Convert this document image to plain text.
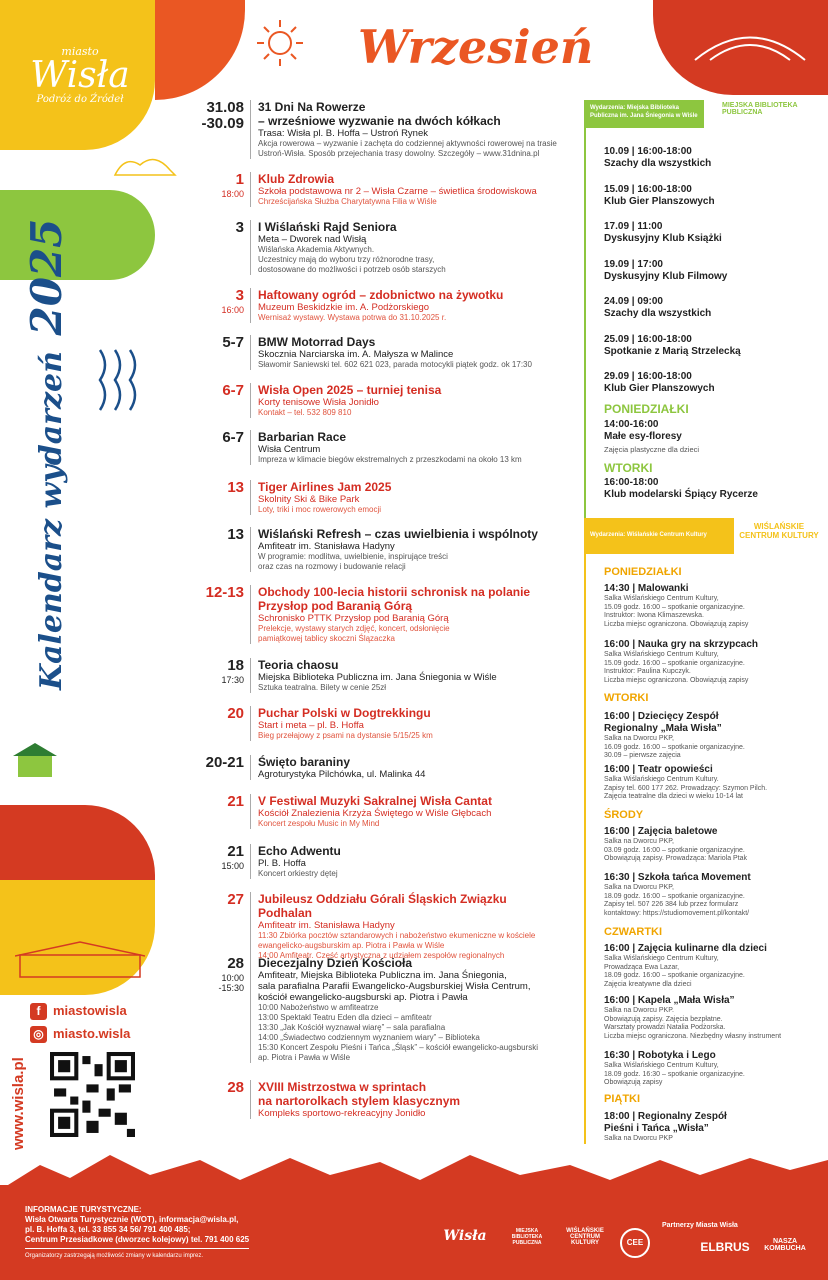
miasto
Wisła
Podróż do Źródeł
Wrzesień
Kalendarz wydarzeń 2025
31.08
-30.09
31 Dni Na Rowerze
– wrześniowe wyzwanie na dwóch kółkach
Trasa: Wisła pl. B. Hoffa – Ustroń Rynek
Akcja rowerowa – wyzwanie i zachęta do codziennej aktywności rowerowej na trasie Ustroń-Wisła. Sposób przejechania trasy dowolny. Szczegóły – www.31dnina.pl
1
18:00
Klub Zdrowia
Szkoła podstawowa nr 2 – Wisła Czarne – świetlica środowiskowa
Chrześcijańska Służba Charytatywna Filia w Wiśle
3 I Wiślański Rajd Seniora
Meta – Dworek nad Wisłą
Wiślańska Akademia Aktywnych.
Uczestnicy mają do wyboru trzy różnorodne trasy,
dostosowane do możliwości i potrzeb osób starszych
3
16:00
Haftowany ogród – zdobnictwo na żywotku
Muzeum Beskidzkie im. A. Podżorskiego
Wernisaż wystawy. Wystawa potrwa do 31.10.2025 r.
5-7 BMW Motorrad Days
Skocznia Narciarska im. A. Małysza w Malince
Sławomir Saniewski tel. 602 621 023, parada motocykli piątek godz. ok 17:30
6-7 Wisła Open 2025 – turniej tenisa
Korty tenisowe Wisła Jonidło
Kontakt – tel. 532 809 810
6-7 Barbarian Race
Wisła Centrum
Impreza w klimacie biegów ekstremalnych z przeszkodami na około 13 km
13 Tiger Airlines Jam 2025
Skolnity Ski & Bike Park
Loty, triki i moc rowerowych emocji
13 Wiślański Refresh – czas uwielbienia i wspólnoty
Amfiteatr im. Stanisława Hadyny
W programie: modlitwa, uwielbienie, inspirujące treści
oraz czas na rozmowy i budowanie relacji
12-13 Obchody 100-lecia historii schronisk na polanie
Przysłop pod Baranią Górą
Schronisko PTTK Przysłop pod Baranią Górą
Prelekcje, wystawy starych zdjęć, koncert, odsłonięcie
pamiątkowej tablicy skoczni Ślązaczka
18
17:30
Teoria chaosu
Miejska Biblioteka Publiczna im. Jana Śniegonia w Wiśle
Sztuka teatralna. Bilety w cenie 25zł
20 Puchar Polski w Dogtrekkingu
Start i meta – pl. B. Hoffa
Bieg przełajowy z psami na dystansie 5/15/25 km
20-21 Święto baraniny
Agroturystyka Pilchówka, ul. Malinka 44
21 V Festiwal Muzyki Sakralnej Wisła Cantat
Kościół Znalezienia Krzyża Świętego w Wiśle Głębcach
Koncert zespołu Music in My Mind
21
15:00
Echo Adwentu
Pl. B. Hoffa
Koncert orkiestry dętej
27 Jubileusz Oddziału Górali Śląskich Związku Podhalan
Amfiteatr im. Stanisława Hadyny
11:30 Zbiórka pocztów sztandarowych i nabożeństwo ekumeniczne w kościele
ewangelicko-augsburskim ap. Piotra i Pawła w Wiśle
14:00 Amfiteatr. Część artystyczna z udziałem zespołów regionalnych
28
10:00
-15:30
Diecezjalny Dzień Kościoła
Amfiteatr, Miejska Biblioteka Publiczna im. Jana Śniegonia,
sala parafialna Parafii Ewangelicko-Augsburskiej Wisła Centrum,
kościół ewangelicko-augsburski ap. Piotra i Pawła
10:00 Nabożeństwo w amfiteatrze
13:00 Spektakl Teatru Eden dla dzieci – amfiteatr
13:30 „Jak Kościół wyznawał wiarę” – sala parafialna
14:00 „Świadectwo codziennym wyznaniem wiary” – Biblioteka
15:30 Koncert Zespołu Pieśni i Tańca „Śląsk” – kościół ewangelicko-augsburski
ap. Piotra i Pawła w Wiśle
28 XVIII Mistrzostwa w sprintach
na nartorolkach stylem klasycznym
Kompleks sportowo-rekreacyjny Jonidło
Wydarzenia: Miejska Biblioteka Publiczna im. Jana Śniegonia w Wiśle
MIEJSKA BIBLIOTEKA PUBLICZNA
10.09 | 16:00-18:00
Szachy dla wszystkich
15.09 | 16:00-18:00
Klub Gier Planszowych
17.09 | 11:00
Dyskusyjny Klub Książki
19.09 | 17:00
Dyskusyjny Klub Filmowy
24.09 | 09:00
Szachy dla wszystkich
25.09 | 16:00-18:00
Spotkanie z Marią Strzelecką
29.09 | 16:00-18:00
Klub Gier Planszowych
PONIEDZIAŁKI
14:00-16:00
Małe esy-floresy
Zajęcia plastyczne dla dzieci
WTORKI
16:00-18:00
Klub modelarski Śpiący Rycerze
Wydarzenia: Wiślańskie Centrum Kultury
WIŚLAŃSKIE CENTRUM KULTURY
PONIEDZIAŁKI
14:30 | Malowanki
Salka Wiślańskiego Centrum Kultury,
15.09 godz. 16:00 – spotkanie organizacyjne.
Instruktor: Iwona Klimaszewska.
Liczba miejsc ograniczona. Obowiązują zapisy
16:00 | Nauka gry na skrzypcach
Salka Wiślańskiego Centrum Kultury,
15.09 godz. 16:00 – spotkanie organizacyjne.
Instruktor: Paulina Kupczyk.
Liczba miejsc ograniczona. Obowiązują zapisy
WTORKI
16:00 | Dziecięcy Zespół
Regionalny „Mała Wisła”
Salka na Dworcu PKP,
16.09 godz. 16:00 – spotkanie organizacyjne.
30.09 – pierwsze zajęcia
16:00 | Teatr opowieści
Salka Wiślańskiego Centrum Kultury.
Zapisy tel. 600 177 262. Prowadzący: Szymon Pilch.
Zajęcia teatralne dla dzieci w wieku 10-14 lat
ŚRODY
16:00 | Zajęcia baletowe
Salka na Dworcu PKP,
03.09 godz. 16:00 – spotkanie organizacyjne.
Obowiązują zapisy. Prowadząca: Mariola Ptak
16:30 | Szkoła tańca Movement
Salka na Dworcu PKP,
18.09 godz. 16:00 – spotkanie organizacyjne.
Zapisy tel. 507 226 384 lub przez formularz
kontaktowy: https://studiomovement.pl/kontakt/
CZWARTKI
16:00 | Zajęcia kulinarne dla dzieci
Salka Wiślańskiego Centrum Kultury,
Prowadząca Ewa Lazar,
18.09 godz. 16:00 – spotkanie organizacyjne.
Zajęcia kreatywne dla dzieci
16:00 | Kapela „Mała Wisła”
Salka na Dworcu PKP.
Obowiązują zapisy. Zajęcia bezpłatne.
Warsztaty prowadzi Natalia Podżorska.
Liczba miejsc ograniczona. Niezbędny własny instrument
16:30 | Robotyka i Lego
Salka Wiślańskiego Centrum Kultury,
18.09 godz. 16:30 – spotkanie organizacyjne.
Obowiązują zapisy
PIĄTKI
18:00 | Regionalny Zespół
Pieśni i Tańca „Wisła”
Salka na Dworcu PKP
f miastowisla
◎ miasto.wisla
www.wisla.pl
INFORMACJE TURYSTYCZNE:
Wisła Otwarta Turystycznie (WOT), informacja@wisla.pl,
pl. B. Hoffa 3, tel. 33 855 34 56/ 791 400 485;
Centrum Przesiadkowe (dworzec kolejowy) tel. 791 400 625
Organizatorzy zastrzegają możliwość zmiany w kalendarzu imprez.
Wisła	MIEJSKA BIBLIOTEKA PUBLICZNA
WIŚLAŃSKIE CENTRUM KULTURY	CEE
Partnerzy Miasta Wisła
ELBRUS	NASZA KOMBUCHA
